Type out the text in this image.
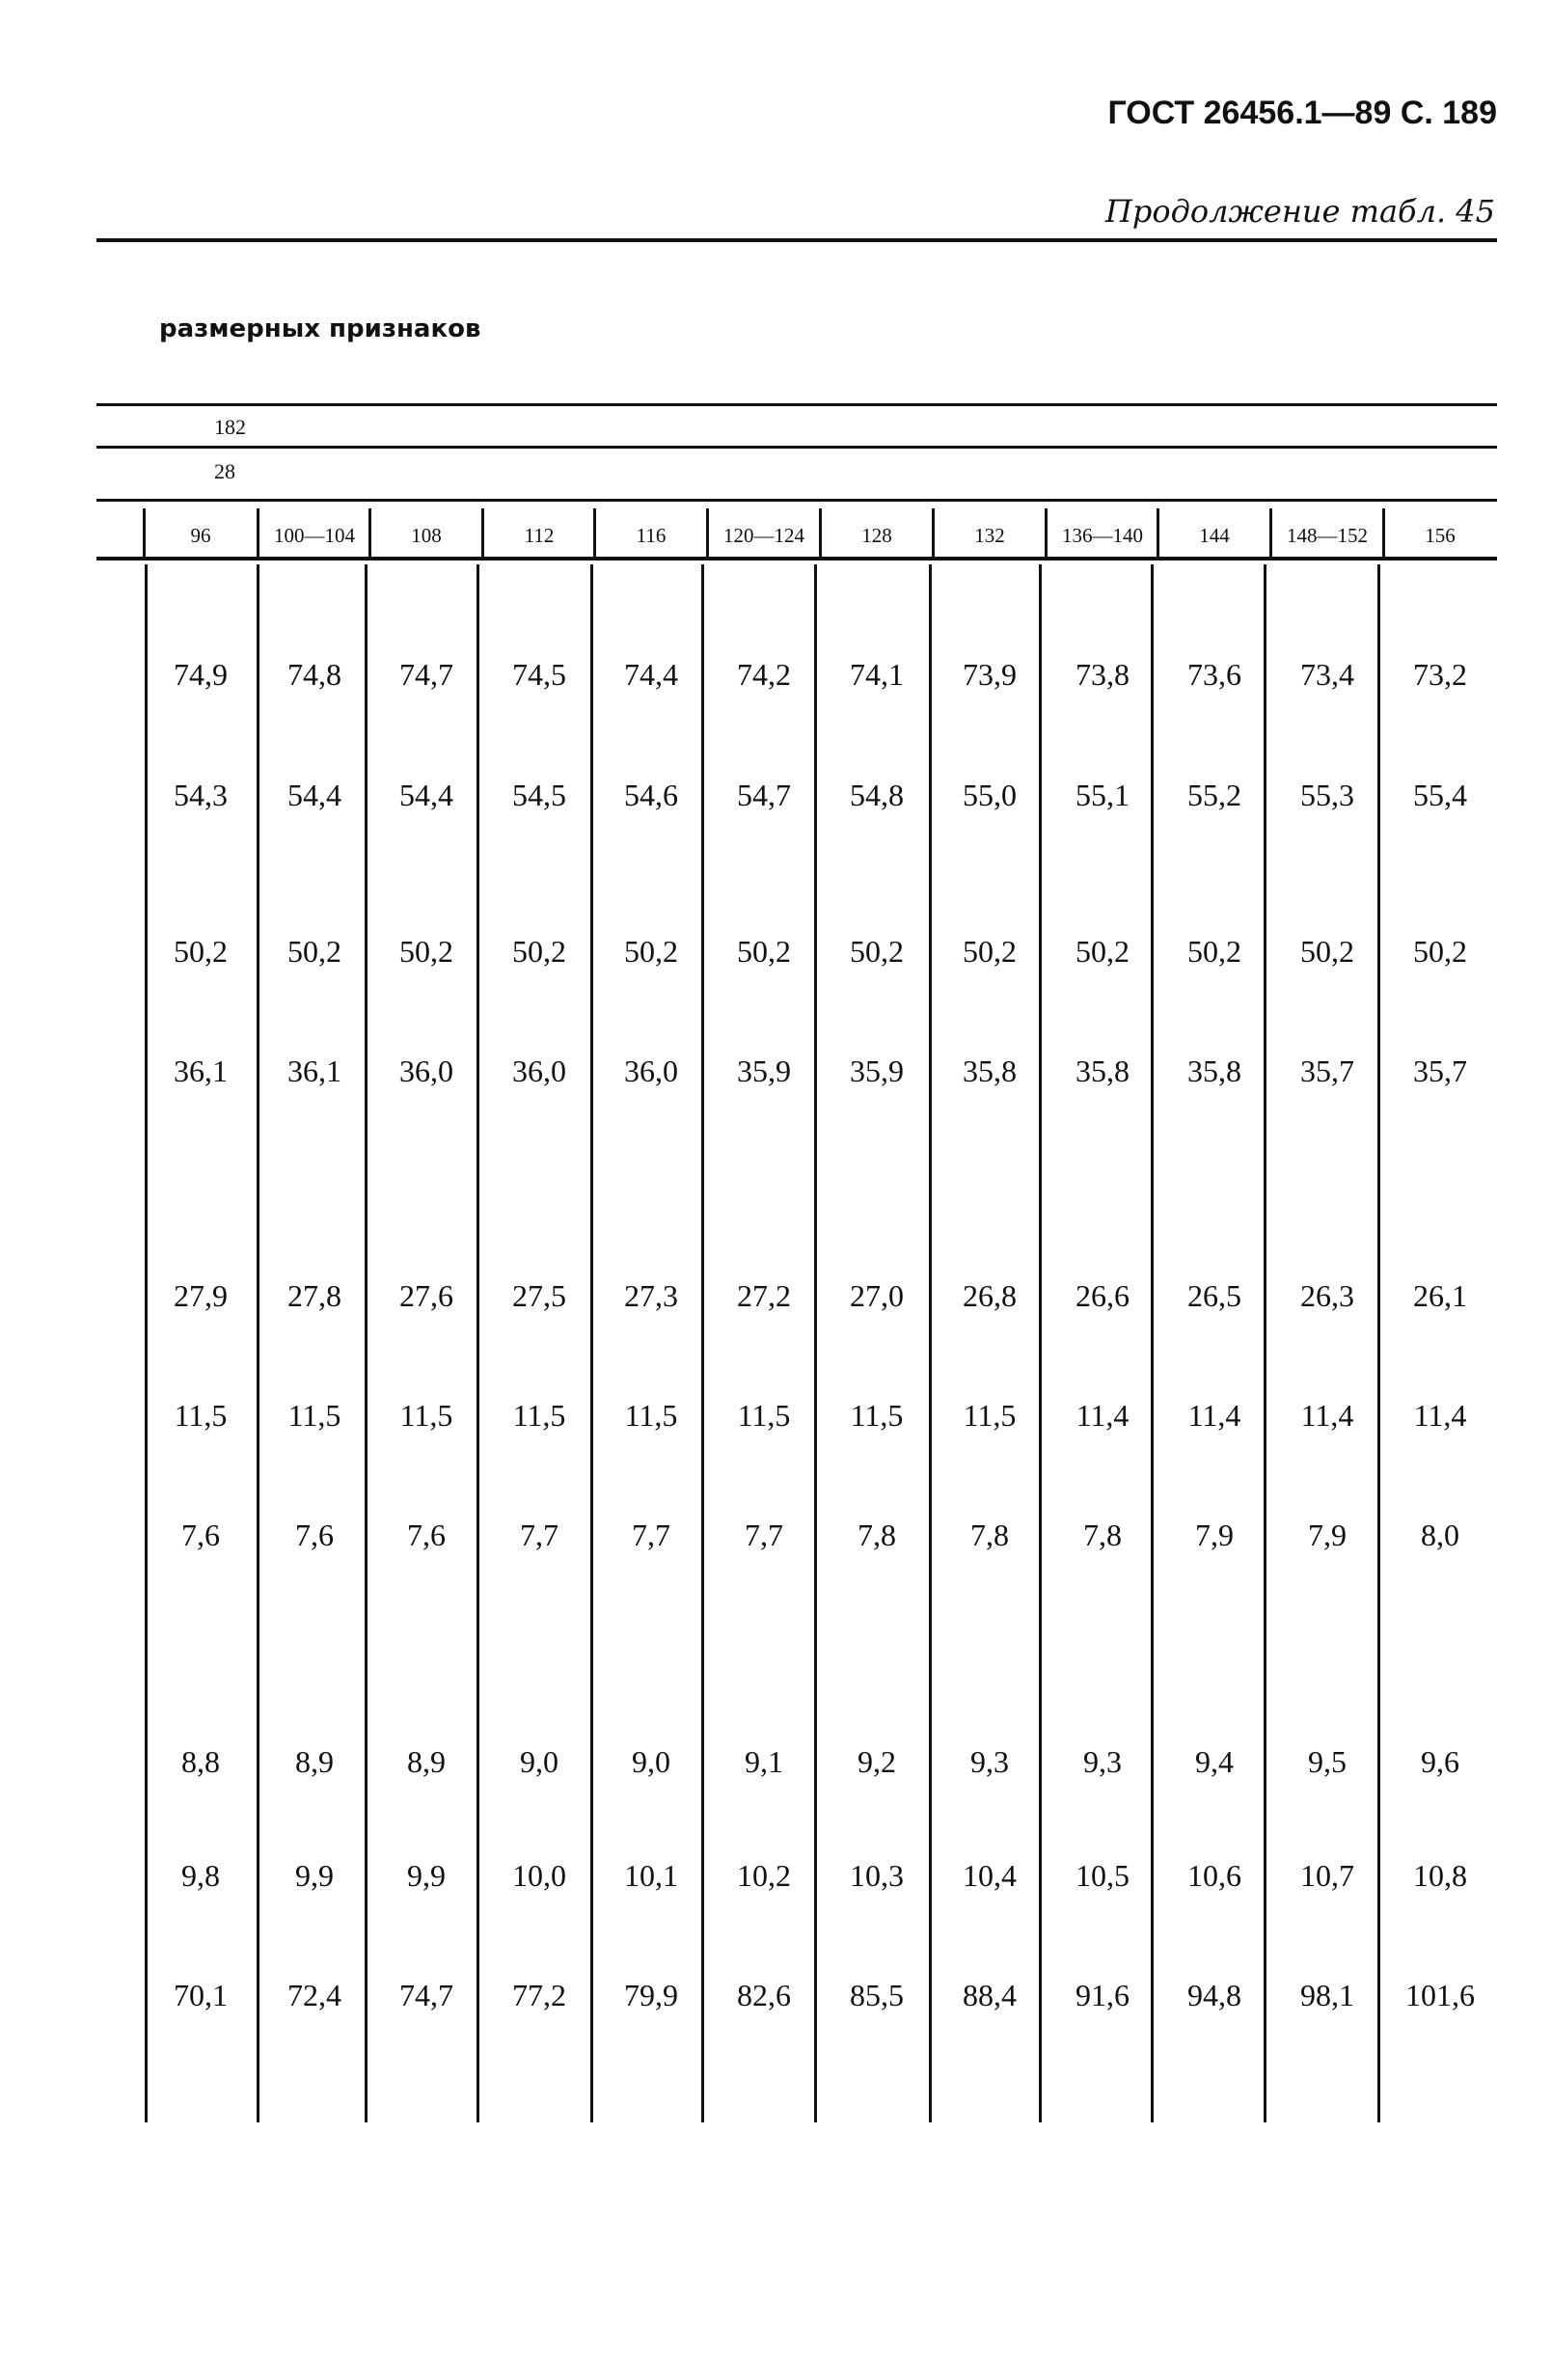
ГОСТ 26456.1—89 С. 189
Продолжение табл. 45
размерных признаков
182
28
96	100—104	108	112	116	120—124	128	132	136—140	144	148—152	156
74,9	74,8	74,7	74,5	74,4	74,2	74,1	73,9	73,8	73,6	73,4	73,2
54,3	54,4	54,4	54,5	54,6	54,7	54,8	55,0	55,1	55,2	55,3	55,4
50,2	50,2	50,2	50,2	50,2	50,2	50,2	50,2	50,2	50,2	50,2	50,2
36,1	36,1	36,0	36,0	36,0	35,9	35,9	35,8	35,8	35,8	35,7	35,7
27,9	27,8	27,6	27,5	27,3	27,2	27,0	26,8	26,6	26,5	26,3	26,1
11,5	11,5	11,5	11,5	11,5	11,5	11,5	11,5	11,4	11,4	11,4	11,4
7,6	7,6	7,6	7,7	7,7	7,7	7,8	7,8	7,8	7,9	7,9	8,0
8,8	8,9	8,9	9,0	9,0	9,1	9,2	9,3	9,3	9,4	9,5	9,6
9,8	9,9	9,9	10,0	10,1	10,2	10,3	10,4	10,5	10,6	10,7	10,8
70,1	72,4	74,7	77,2	79,9	82,6	85,5	88,4	91,6	94,8	98,1	101,6
